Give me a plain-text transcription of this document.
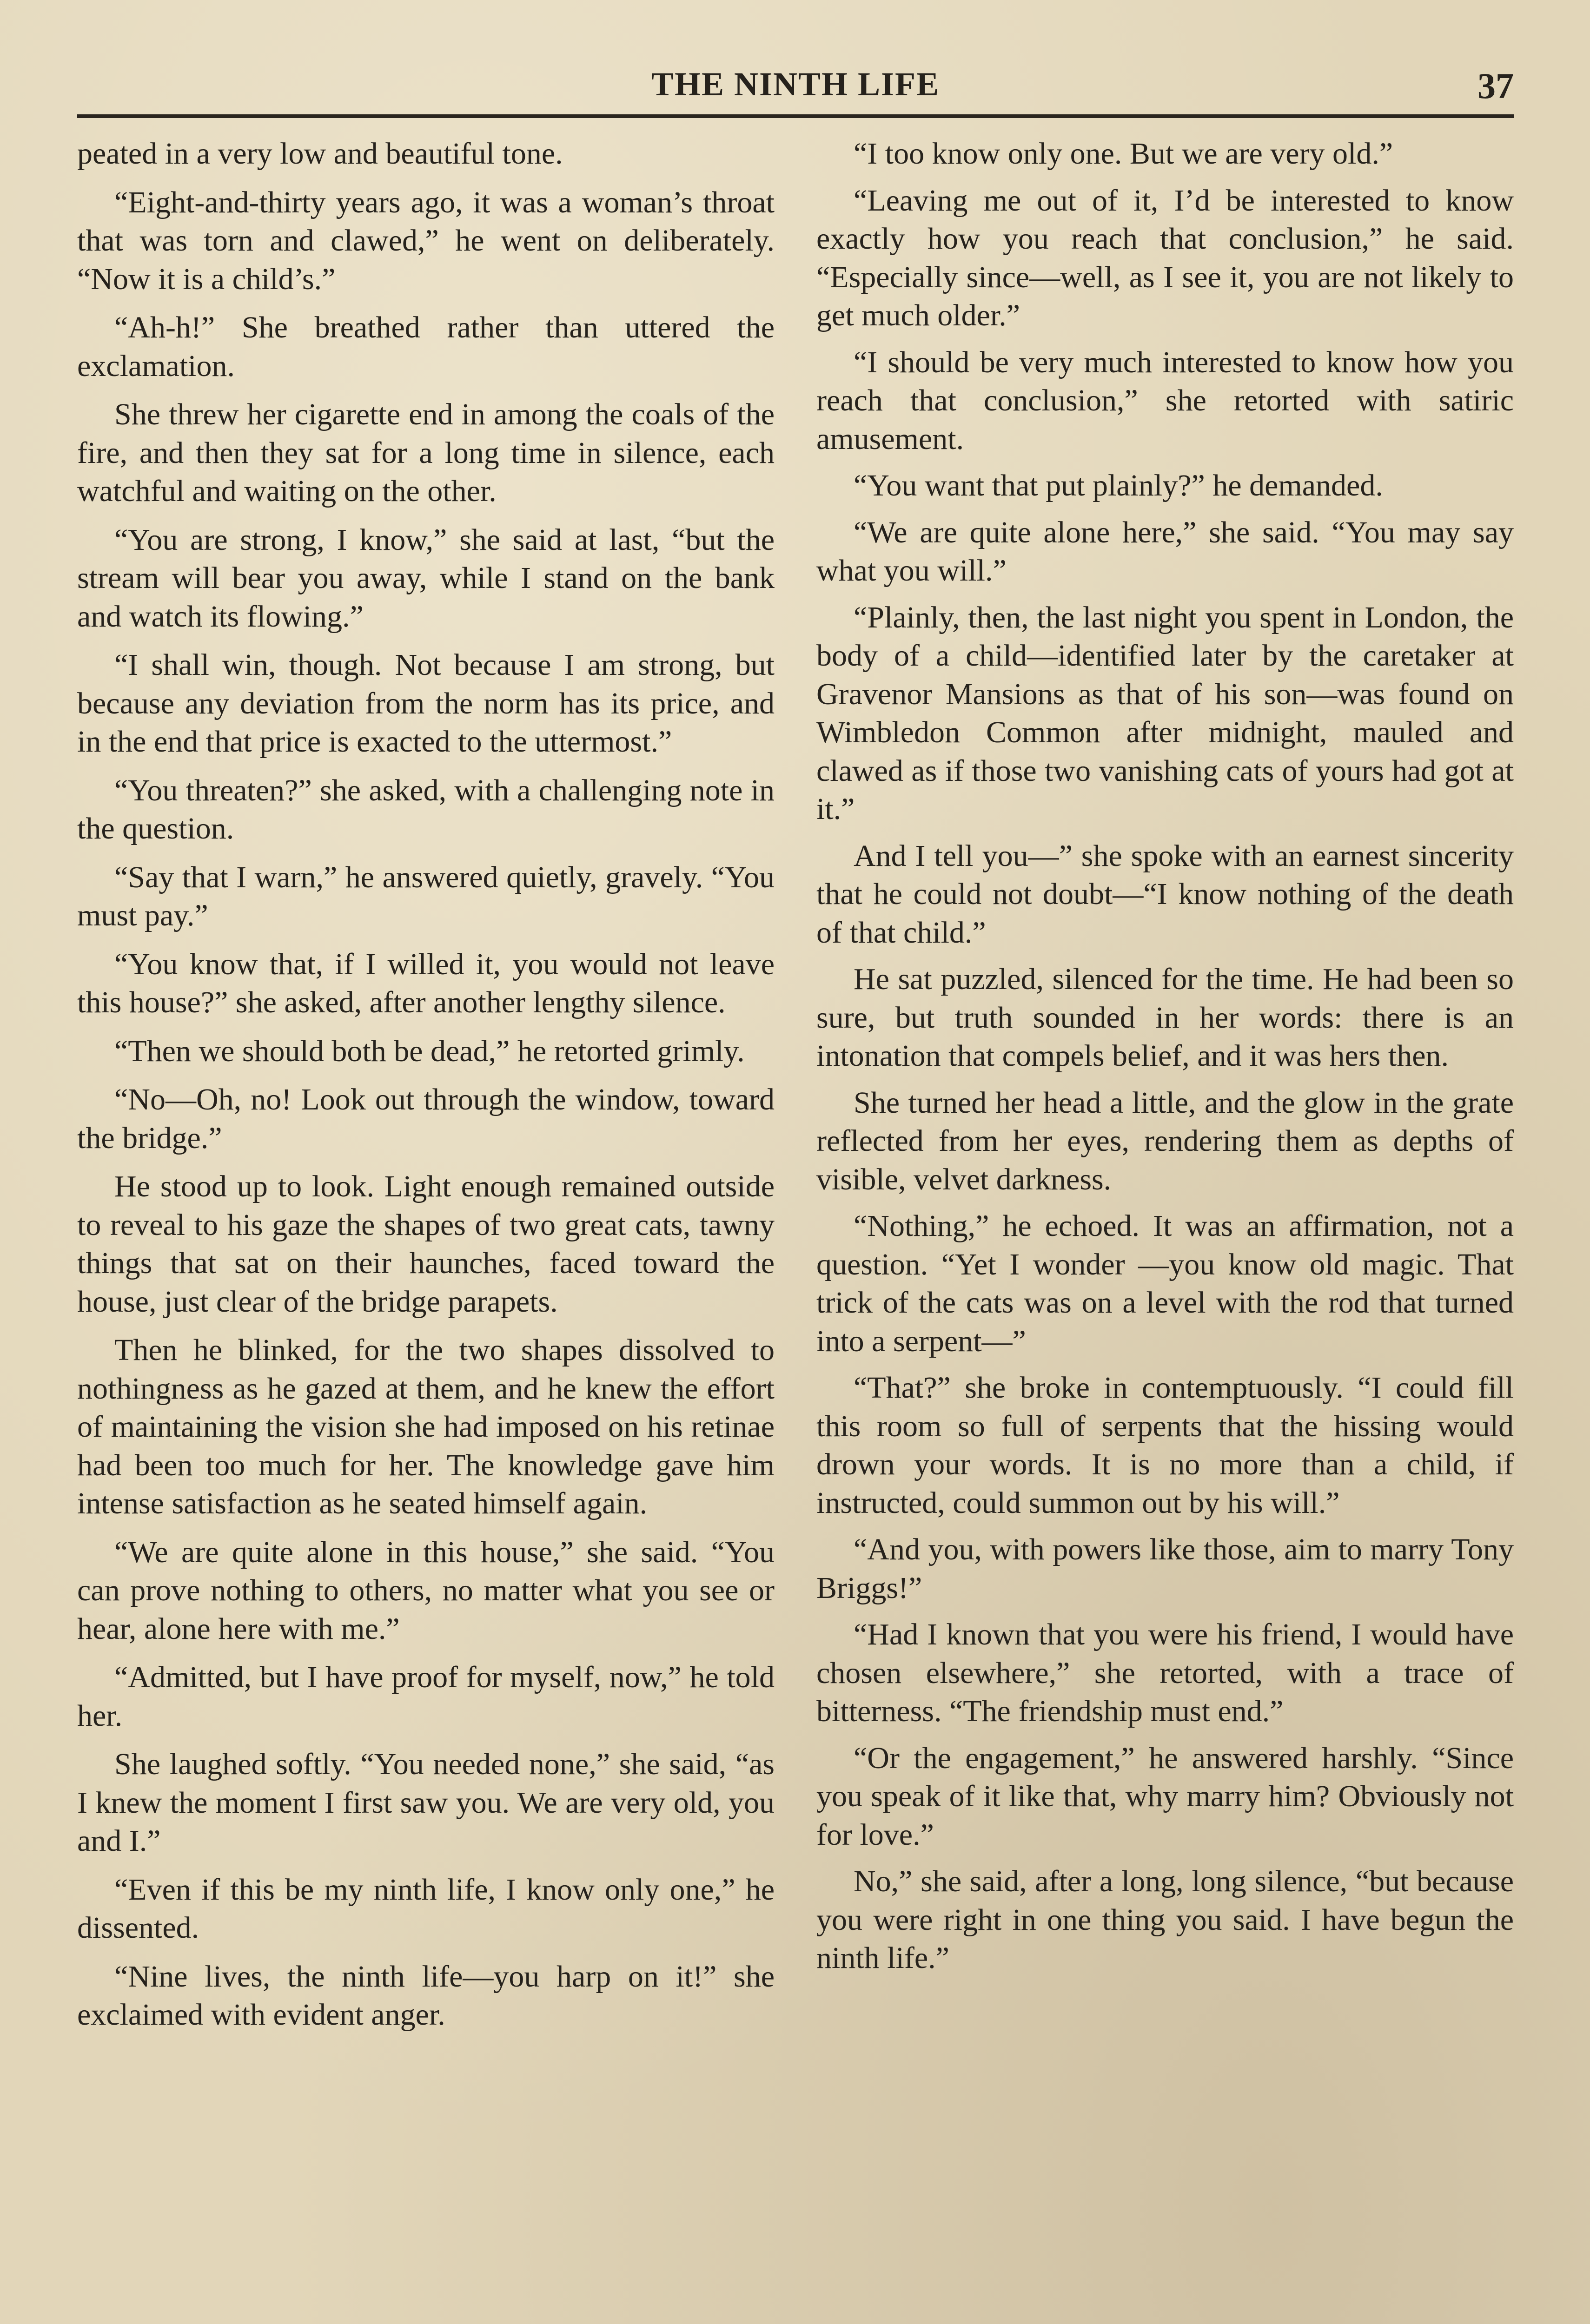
THE NINTH LIFE	37

peated in a very low and beautiful tone.

“Eight-and-thirty years ago, it was a woman’s throat that was torn and clawed,” he went on deliberately. “Now it is a child’s.”

“Ah-h!” She breathed rather than uttered the exclamation.

She threw her cigarette end in among the coals of the fire, and then they sat for a long time in silence, each watchful and waiting on the other.

“You are strong, I know,” she said at last, “but the stream will bear you away, while I stand on the bank and watch its flowing.”

“I shall win, though. Not because I am strong, but because any deviation from the norm has its price, and in the end that price is exacted to the uttermost.”

“You threaten?” she asked, with a challenging note in the question.

“Say that I warn,” he answered quietly, gravely. “You must pay.”

“You know that, if I willed it, you would not leave this house?” she asked, after another lengthy silence.

“Then we should both be dead,” he retorted grimly.

“No—Oh, no! Look out through the window, toward the bridge.”

He stood up to look. Light enough remained outside to reveal to his gaze the shapes of two great cats, tawny things that sat on their haunches, faced toward the house, just clear of the bridge parapets.

Then he blinked, for the two shapes dissolved to nothingness as he gazed at them, and he knew the effort of maintaining the vision she had imposed on his retinae had been too much for her. The knowledge gave him intense satisfaction as he seated himself again.

“We are quite alone in this house,” she said. “You can prove nothing to others, no matter what you see or hear, alone here with me.”

“Admitted, but I have proof for myself, now,” he told her.

She laughed softly. “You needed none,” she said, “as I knew the moment I first saw you. We are very old, you and I.”

“Even if this be my ninth life, I know only one,” he dissented.

“Nine lives, the ninth life—you harp on it!” she exclaimed with evident anger.

“I too know only one. But we are very old.”

“Leaving me out of it, I’d be interested to know exactly how you reach that conclusion,” he said. “Especially since—well, as I see it, you are not likely to get much older.”

“I should be very much interested to know how you reach that conclusion,” she retorted with satiric amusement.

“You want that put plainly?” he demanded.

“We are quite alone here,” she said. “You may say what you will.”

“Plainly, then, the last night you spent in London, the body of a child—identified later by the caretaker at Gravenor Mansions as that of his son—was found on Wimbledon Common after midnight, mauled and clawed as if those two vanishing cats of yours had got at it.”

And I tell you—” she spoke with an earnest sincerity that he could not doubt—“I know nothing of the death of that child.”

He sat puzzled, silenced for the time. He had been so sure, but truth sounded in her words: there is an intonation that compels belief, and it was hers then.

She turned her head a little, and the glow in the grate reflected from her eyes, rendering them as depths of visible, velvet darkness.

“Nothing,” he echoed. It was an affirmation, not a question. “Yet I wonder —you know old magic. That trick of the cats was on a level with the rod that turned into a serpent—”

“That?” she broke in contemptuously. “I could fill this room so full of serpents that the hissing would drown your words. It is no more than a child, if instructed, could summon out by his will.”

“And you, with powers like those, aim to marry Tony Briggs!”

“Had I known that you were his friend, I would have chosen elsewhere,” she retorted, with a trace of bitterness. “The friendship must end.”

“Or the engagement,” he answered harshly. “Since you speak of it like that, why marry him? Obviously not for love.”

No,” she said, after a long, long silence, “but because you were right in one thing you said. I have begun the ninth life.”
